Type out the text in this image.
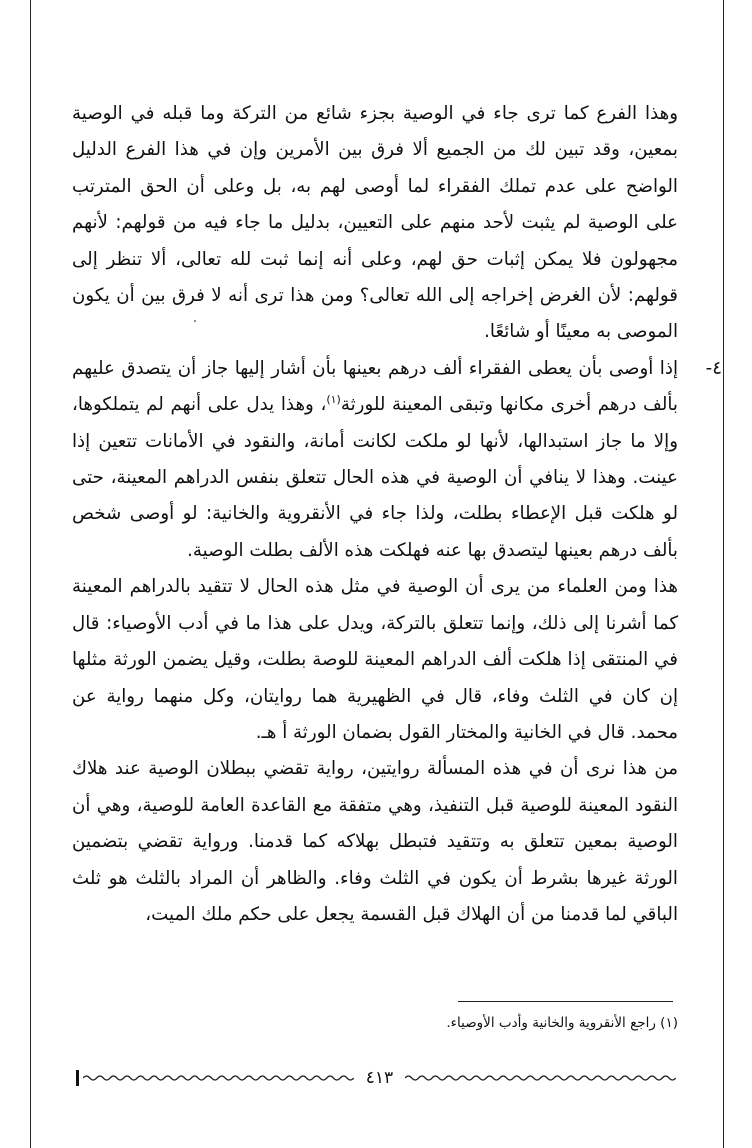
وهذا الفرع كما ترى جاء في الوصية بجزء شائع من التركة وما قبله في الوصية بمعين، وقد تبين لك من الجميع ألا فرق بين الأمرين وإن في هذا الفرع الدليل الواضح على عدم تملك الفقراء لما أوصى لهم به، بل وعلى أن الحق المترتب على الوصية لم يثبت لأحد منهم على التعيين، بدليل ما جاء فيه من قولهم: لأنهم مجهولون فلا يمكن إثبات حق لهم، وعلى أنه إنما ثبت لله تعالى، ألا تنظر إلى قولهم: لأن الغرض إخراجه إلى الله تعالى؟ ومن هذا ترى أنه لا فرق بين أن يكون الموصى به معينًا أو شائعًا.

٤-
إذا أوصى بأن يعطى الفقراء ألف درهم بعينها بأن أشار إليها جاز أن يتصدق عليهم بألف درهم أخرى مكانها وتبقى المعينة للورثة$^{(١)}$، وهذا يدل على أنهم لم يتملكوها، وإلا ما جاز استبدالها، لأنها لو ملكت لكانت أمانة، والنقود في الأمانات تتعين إذا عينت. وهذا لا ينافي أن الوصية في هذه الحال تتعلق بنفس الدراهم المعينة، حتى لو هلكت قبل الإعطاء بطلت، ولذا جاء في الأنقروية والخانية: لو أوصى شخص بألف درهم بعينها ليتصدق بها عنه فهلكت هذه الألف بطلت الوصية.

هذا ومن العلماء من يرى أن الوصية في مثل هذه الحال لا تتقيد بالدراهم المعينة كما أشرنا إلى ذلك، وإنما تتعلق بالتركة، ويدل على هذا ما في أدب الأوصياء: قال في المنتقى إذا هلكت ألف الدراهم المعينة للوصة بطلت، وقيل يضمن الورثة مثلها إن كان في الثلث وفاء، قال في الظهيرية هما روايتان، وكل منهما رواية عن محمد. قال في الخانية والمختار القول بضمان الورثة أ هـ.

من هذا نرى أن في هذه المسألة روايتين، رواية تقضي ببطلان الوصية عند هلاك النقود المعينة للوصية قبل التنفيذ، وهي متفقة مع القاعدة العامة للوصية، وهي أن الوصية بمعين تتعلق به وتتقيد فتبطل بهلاكه كما قدمنا. ورواية تقضي بتضمين الورثة غيرها بشرط أن يكون في الثلث وفاء. والظاهر أن المراد بالثلث هو ثلث الباقي لما قدمنا من أن الهلاك قبل القسمة يجعل على حكم ملك الميت،

(١) راجع الأنقروية والخانية وأدب الأوصياء.
٤١٣
